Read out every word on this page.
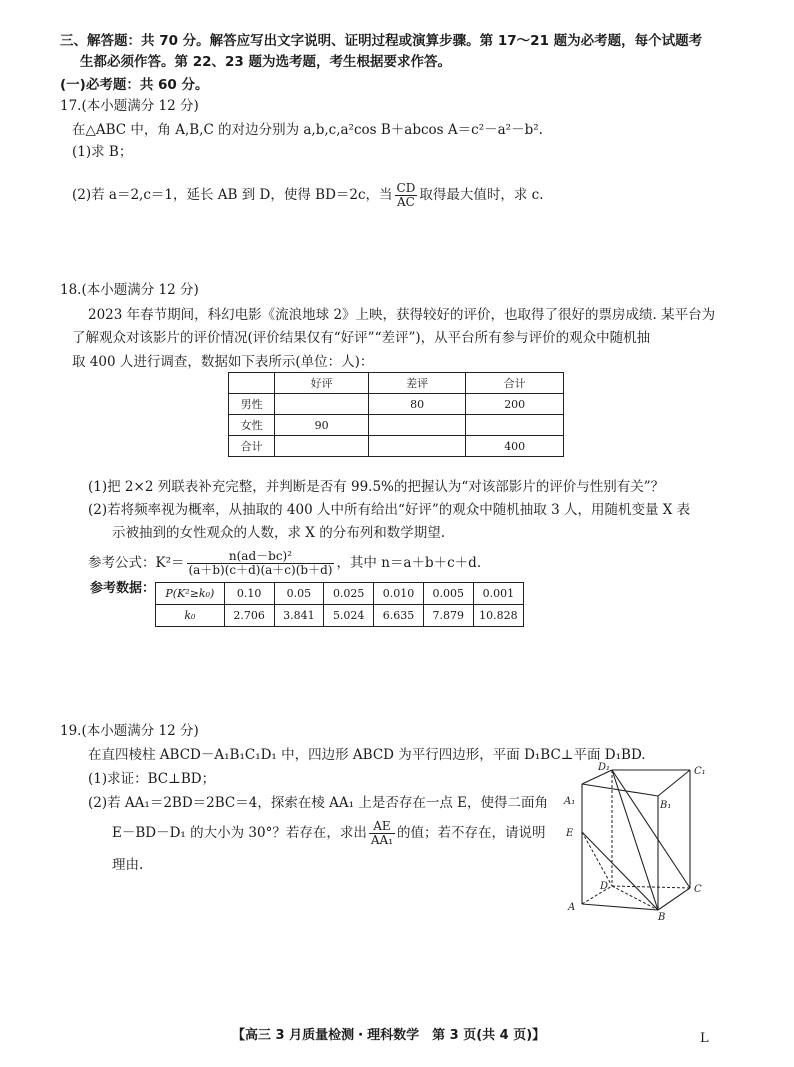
三、解答题：共 70 分。解答应写出文字说明、证明过程或演算步骤。第 17～21 题为必考题，每个试题考
生都必须作答。第 22、23 题为选考题，考生根据要求作答。
(一)必考题：共 60 分。
17.(本小题满分 12 分)
在△ABC 中，角 A,B,C 的对边分别为 a,b,c,a²cos B＋abcos A＝c²－a²－b².
(1)求 B；
(2)若 a＝2,c＝1，延长 AB 到 D，使得 BD＝2c，当 $\frac{CD}{AC}$ 取得最大值时，求 c.
18.(本小题满分 12 分)
2023 年春节期间，科幻电影《流浪地球 2》上映，获得较好的评价，也取得了很好的票房成绩. 某平台为
了解观众对该影片的评价情况(评价结果仅有“好评”“差评”)，从平台所有参与评价的观众中随机抽
取 400 人进行调查，数据如下表所示(单位：人)：
	好评	差评	合计
男性		80	200
女性	90		
合计			400
(1)把 2×2 列联表补充完整，并判断是否有 99.5%的把握认为“对该部影片的评价与性别有关”？
(2)若将频率视为概率，从抽取的 400 人中所有给出“好评”的观众中随机抽取 3 人，用随机变量 X 表
示被抽到的女性观众的人数，求 X 的分布列和数学期望.
参考公式：$K^2= \frac{\text{n(ad－bc)²}}{(a+b)(c+d)(a+c)(b+d)}$ ，其中 n＝a＋b＋c＋d.
参考数据： P(K²≥k₀)	0.10	0.05	0.025	0.010	0.005	0.001
k₀	2.706	3.841	5.024	6.635	7.879	10.828
19.(本小题满分 12 分)
在直四棱柱 ABCD－A₁B₁C₁D₁ 中，四边形 ABCD 为平行四边形，平面 D₁BC⊥平面 D₁BD.
(1)求证：BC⊥BD；
(2)若 AA₁＝2BD＝2BC＝4，探索在棱 AA₁ 上是否存在一点 E，使得二面角
E－BD－D₁ 的大小为 30°？若存在，求出 $\frac{AE}{\text{AA₁}}$ 的值；若不存在，请说明
理由.
D₁	C₁
A₁	B₁
E
D	C
A
B
【高三 3 月质量检测・理科数学　第 3 页(共 4 页)】	L
